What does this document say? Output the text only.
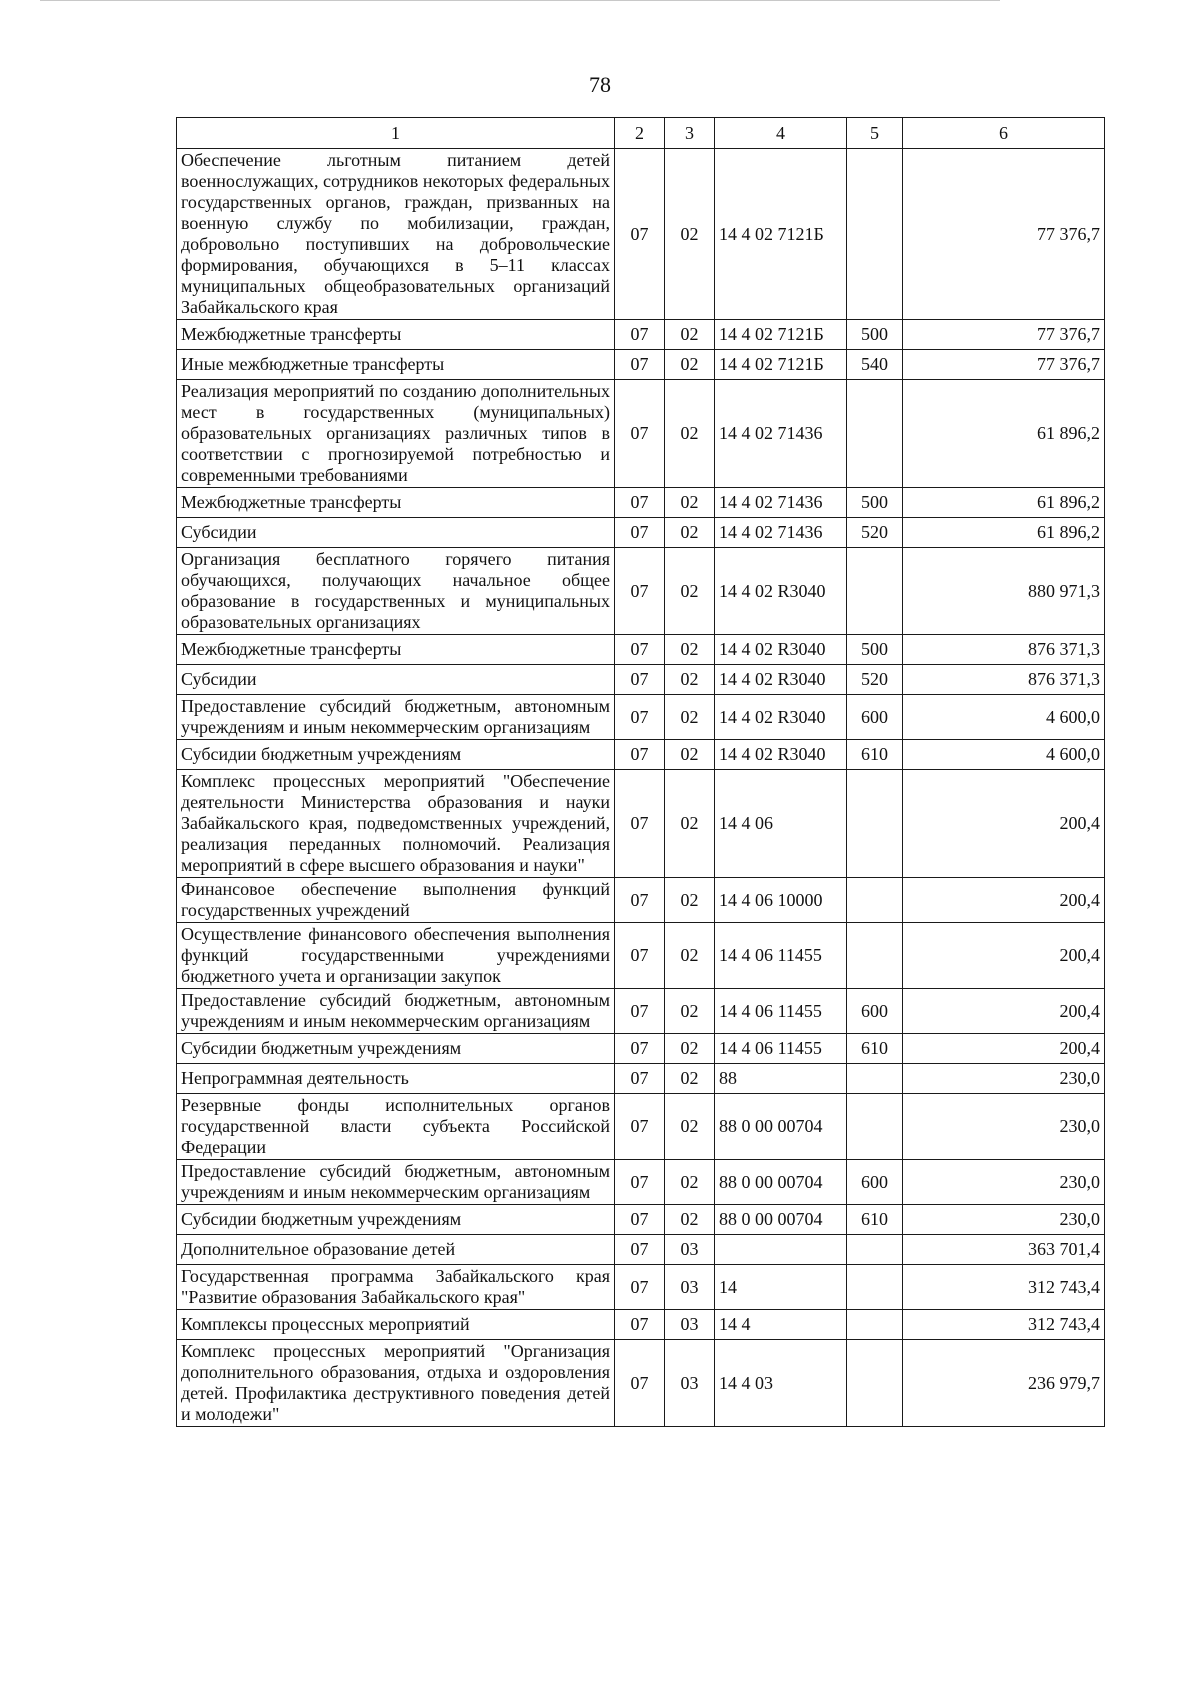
78
1	2	3	4	5	6
Обеспечение льготным питанием детей военнослужащих, сотрудников некоторых федеральных государственных органов, граждан, призванных на военную службу по мобилизации, граждан, добровольно поступивших на добровольческие формирования, обучающихся в 5–11 классах муниципальных общеобразовательных организаций Забайкальского края	07	02	14 4 02 7121Б		77 376,7
Межбюджетные трансферты	07	02	14 4 02 7121Б	500	77 376,7
Иные межбюджетные трансферты	07	02	14 4 02 7121Б	540	77 376,7
Реализация мероприятий по созданию дополнительных мест в государственных (муниципальных) образовательных организациях различных типов в соответствии с прогнозируемой потребностью и современными требованиями	07	02	14 4 02 71436		61 896,2
Межбюджетные трансферты	07	02	14 4 02 71436	500	61 896,2
Субсидии	07	02	14 4 02 71436	520	61 896,2
Организация бесплатного горячего питания обучающихся, получающих начальное общее образование в государственных и муниципальных образовательных организациях	07	02	14 4 02 R3040		880 971,3
Межбюджетные трансферты	07	02	14 4 02 R3040	500	876 371,3
Субсидии	07	02	14 4 02 R3040	520	876 371,3
Предоставление субсидий бюджетным, автономным учреждениям и иным некоммерческим организациям	07	02	14 4 02 R3040	600	4 600,0
Субсидии бюджетным учреждениям	07	02	14 4 02 R3040	610	4 600,0
Комплекс процессных мероприятий "Обеспечение деятельности Министерства образования и науки Забайкальского края, подведомственных учреждений, реализация переданных полномочий. Реализация мероприятий в сфере высшего образования и науки"	07	02	14 4 06		200,4
Финансовое обеспечение выполнения функций государственных учреждений	07	02	14 4 06 10000		200,4
Осуществление финансового обеспечения выполнения функций государственными учреждениями бюджетного учета и организации закупок	07	02	14 4 06 11455		200,4
Предоставление субсидий бюджетным, автономным учреждениям и иным некоммерческим организациям	07	02	14 4 06 11455	600	200,4
Субсидии бюджетным учреждениям	07	02	14 4 06 11455	610	200,4
Непрограммная деятельность	07	02	88		230,0
Резервные фонды исполнительных органов государственной власти субъекта Российской Федерации	07	02	88 0 00 00704		230,0
Предоставление субсидий бюджетным, автономным учреждениям и иным некоммерческим организациям	07	02	88 0 00 00704	600	230,0
Субсидии бюджетным учреждениям	07	02	88 0 00 00704	610	230,0
Дополнительное образование детей	07	03			363 701,4
Государственная программа Забайкальского края "Развитие образования Забайкальского края"	07	03	14		312 743,4
Комплексы процессных мероприятий	07	03	14 4		312 743,4
Комплекс процессных мероприятий "Организация дополнительного образования, отдыха и оздоровления детей. Профилактика деструктивного поведения детей и молодежи"	07	03	14 4 03		236 979,7
